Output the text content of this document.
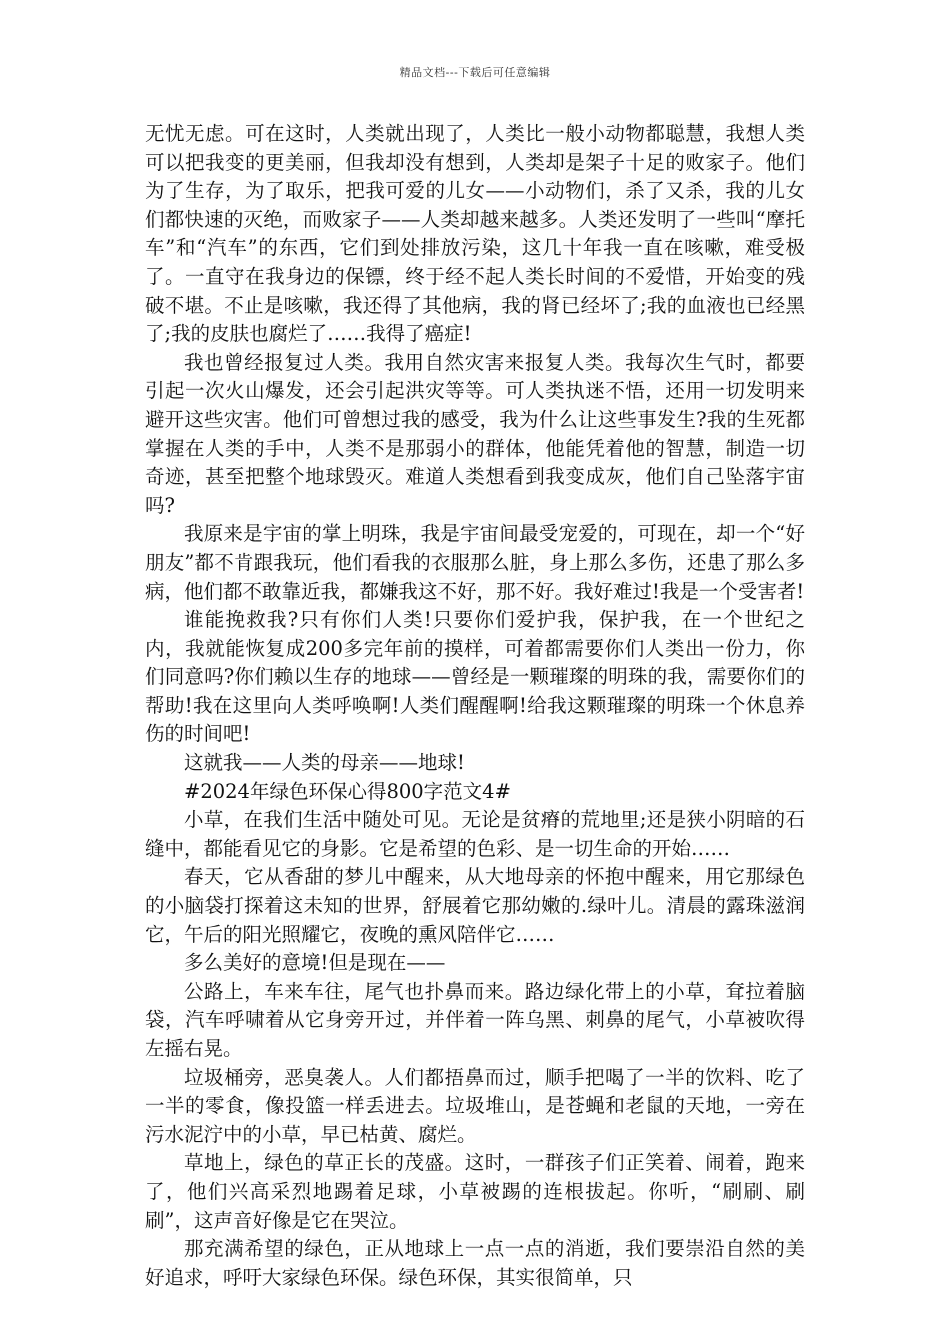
精品文档---下载后可任意编辑

无忧无虑。可在这时，人类就出现了，人类比一般小动物都聪慧，我想人类可以把我变的更美丽，但我却没有想到，人类却是架子十足的败家子。他们为了生存，为了取乐，把我可爱的儿女——小动物们，杀了又杀，我的儿女们都快速的灭绝，而败家子——人类却越来越多。人类还发明了一些叫“摩托车”和“汽车”的东西，它们到处排放污染，这几十年我一直在咳嗽，难受极了。一直守在我身边的保镖，终于经不起人类长时间的不爱惜，开始变的残破不堪。不止是咳嗽，我还得了其他病，我的肾已经坏了;我的血液也已经黑了;我的皮肤也腐烂了……我得了癌症!

我也曾经报复过人类。我用自然灾害来报复人类。我每次生气时，都要引起一次火山爆发，还会引起洪灾等等。可人类执迷不悟，还用一切发明来避开这些灾害。他们可曾想过我的感受，我为什么让这些事发生?我的生死都掌握在人类的手中，人类不是那弱小的群体，他能凭着他的智慧，制造一切奇迹，甚至把整个地球毁灭。难道人类想看到我变成灰，他们自己坠落宇宙吗?

我原来是宇宙的掌上明珠，我是宇宙间最受宠爱的，可现在，却一个“好朋友”都不肯跟我玩，他们看我的衣服那么脏，身上那么多伤，还患了那么多病，他们都不敢靠近我，都嫌我这不好，那不好。我好难过!我是一个受害者!

谁能挽救我?只有你们人类!只要你们爱护我，保护我，在一个世纪之内，我就能恢复成200多完年前的摸样，可着都需要你们人类出一份力，你们同意吗?你们赖以生存的地球——曾经是一颗璀璨的明珠的我，需要你们的帮助!我在这里向人类呼唤啊!人类们醒醒啊!给我这颗璀璨的明珠一个休息养伤的时间吧!

这就我——人类的母亲——地球!

#2024年绿色环保心得800字范文4#

小草，在我们生活中随处可见。无论是贫瘠的荒地里;还是狭小阴暗的石缝中，都能看见它的身影。它是希望的色彩、是一切生命的开始……

春天，它从香甜的梦儿中醒来，从大地母亲的怀抱中醒来，用它那绿色的小脑袋打探着这未知的世界，舒展着它那幼嫩的.绿叶儿。清晨的露珠滋润它，午后的阳光照耀它，夜晚的熏风陪伴它……

多么美好的意境!但是现在——

公路上，车来车往，尾气也扑鼻而来。路边绿化带上的小草，耷拉着脑袋，汽车呼啸着从它身旁开过，并伴着一阵乌黑、刺鼻的尾气，小草被吹得左摇右晃。

垃圾桶旁，恶臭袭人。人们都捂鼻而过，顺手把喝了一半的饮料、吃了一半的零食，像投篮一样丢进去。垃圾堆山，是苍蝇和老鼠的天地，一旁在污水泥泞中的小草，早已枯黄、腐烂。

草地上，绿色的草正长的茂盛。这时，一群孩子们正笑着、闹着，跑来了，他们兴高采烈地踢着足球，小草被踢的连根拔起。你听，“刷刷、刷刷”，这声音好像是它在哭泣。

那充满希望的绿色，正从地球上一点一点的消逝，我们要崇沿自然的美好追求，呼吁大家绿色环保。绿色环保，其实很简单，只
